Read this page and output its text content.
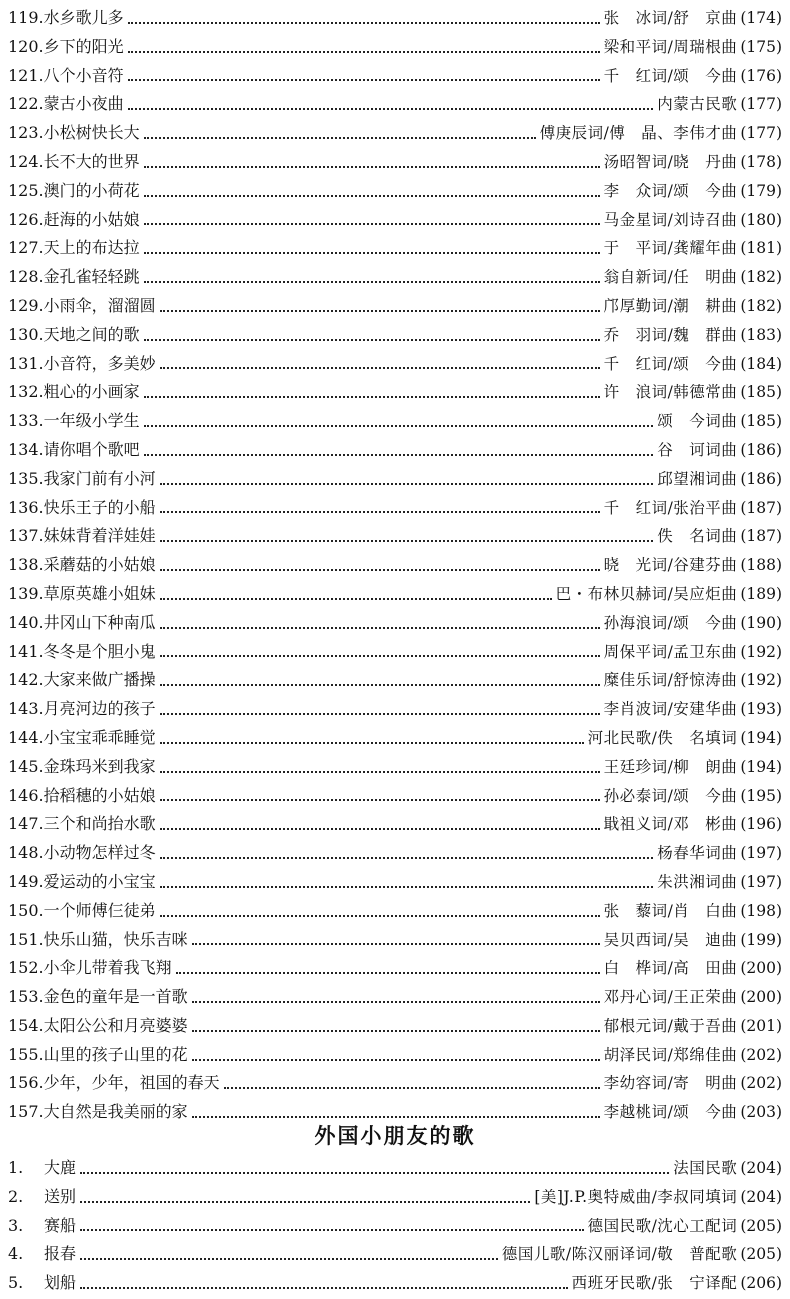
119. 水乡歌儿多	张　冰词/舒　京曲 (174)
120. 乡下的阳光	梁和平词/周瑞根曲 (175)
121. 八个小音符	千　红词/颂　今曲 (176)
122. 蒙古小夜曲	内蒙古民歌 (177)
123. 小松树快长大	傅庚辰词/傅　晶、李伟才曲 (177)
124. 长不大的世界	汤昭智词/晓　丹曲 (178)
125. 澳门的小荷花	李　众词/颂　今曲 (179)
126. 赶海的小姑娘	马金星词/刘诗召曲 (180)
127. 天上的布达拉	于　平词/龚耀年曲 (181)
128. 金孔雀轻轻跳	翁自新词/任　明曲 (182)
129. 小雨伞，溜溜圆	邝厚勤词/潮　耕曲 (182)
130. 天地之间的歌	乔　羽词/魏　群曲 (183)
131. 小音符，多美妙	千　红词/颂　今曲 (184)
132. 粗心的小画家	许　浪词/韩德常曲 (185)
133. 一年级小学生	颂　今词曲 (185)
134. 请你唱个歌吧	谷　诃词曲 (186)
135. 我家门前有小河	邱望湘词曲 (186)
136. 快乐王子的小船	千　红词/张治平曲 (187)
137. 妹妹背着洋娃娃	佚　名词曲 (187)
138. 采蘑菇的小姑娘	晓　光词/谷建芬曲 (188)
139. 草原英雄小姐妹	巴・布林贝赫词/吴应炬曲 (189)
140. 井冈山下种南瓜	孙海浪词/颂　今曲 (190)
141. 冬冬是个胆小鬼	周保平词/孟卫东曲 (192)
142. 大家来做广播操	糜佳乐词/舒惊涛曲 (192)
143. 月亮河边的孩子	李肖波词/安建华曲 (193)
144. 小宝宝乖乖睡觉	河北民歌/佚　名填词 (194)
145. 金珠玛米到我家	王廷珍词/柳　朗曲 (194)
146. 拾稻穗的小姑娘	孙必泰词/颂　今曲 (195)
147. 三个和尚抬水歌	戢祖义词/邓　彬曲 (196)
148. 小动物怎样过冬	杨春华词曲 (197)
149. 爱运动的小宝宝	朱洪湘词曲 (197)
150. 一个师傅仨徒弟	张　藜词/肖　白曲 (198)
151. 快乐山猫，快乐吉咪	吴贝西词/吴　迪曲 (199)
152. 小伞儿带着我飞翔	白　桦词/高　田曲 (200)
153. 金色的童年是一首歌	邓丹心词/王正荣曲 (200)
154. 太阳公公和月亮婆婆	郁根元词/戴于吾曲 (201)
155. 山里的孩子山里的花	胡泽民词/郑绵佳曲 (202)
156. 少年，少年，祖国的春天	李幼容词/寄　明曲 (202)
157. 大自然是我美丽的家	李越桃词/颂　今曲 (203)
外国小朋友的歌
1.	大鹿	法国民歌 (204)
2.	送别	[美]J.P.奥特威曲/李叔同填词 (204)
3.	赛船	德国民歌/沈心工配词 (205)
4.	报春	德国儿歌/陈汉丽译词/敬　普配歌 (205)
5.	划船	西班牙民歌/张　宁译配 (206)
